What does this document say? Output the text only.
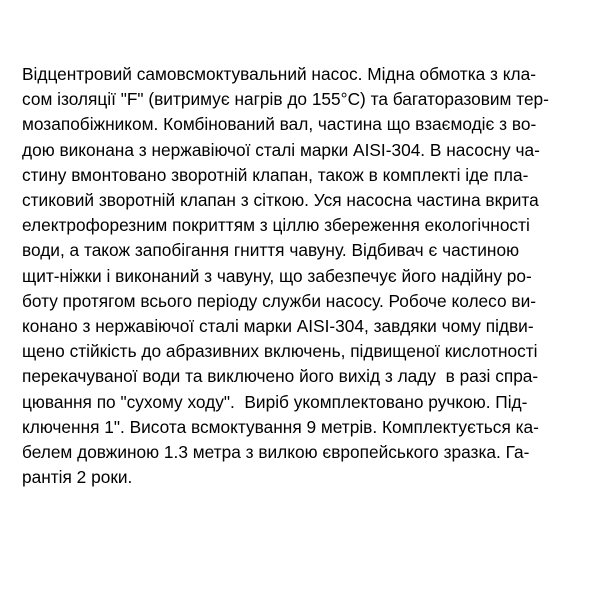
Відцентровий самовсмоктувальний насос. Мідна обмотка з кла-
сом ізоляції "F" (витримує нагрів до 155°С) та багаторазовим тер-
мозапобіжником. Комбінований вал, частина що взаємодіє з во-
дою виконана з нержавіючої сталі марки AISI-304. В насосну ча-
стину вмонтовано зворотній клапан, також в комплекті іде пла-
стиковий зворотній клапан з сіткою. Уся насосна частина вкрита
електрофорезним покриттям з ціллю збереження екологічності
води, а також запобігання гниття чавуну. Відбивач є частиною
щит-ніжки і виконаний з чавуну, що забезпечує його надійну ро-
боту протягом всього періоду служби насосу. Робоче колесо ви-
конано з нержавіючої сталі марки AISI-304, завдяки чому підви-
щено стійкість до абразивних включень, підвищеної кислотності
перекачуваної води та виключено його вихід з ладу  в разі спра-
цювання по "сухому ходу".  Виріб укомплектовано ручкою. Під-
ключення 1". Висота всмоктування 9 метрів. Комплектується ка-
белем довжиною 1.3 метра з вилкою європейського зразка. Га-
рантія 2 роки.
